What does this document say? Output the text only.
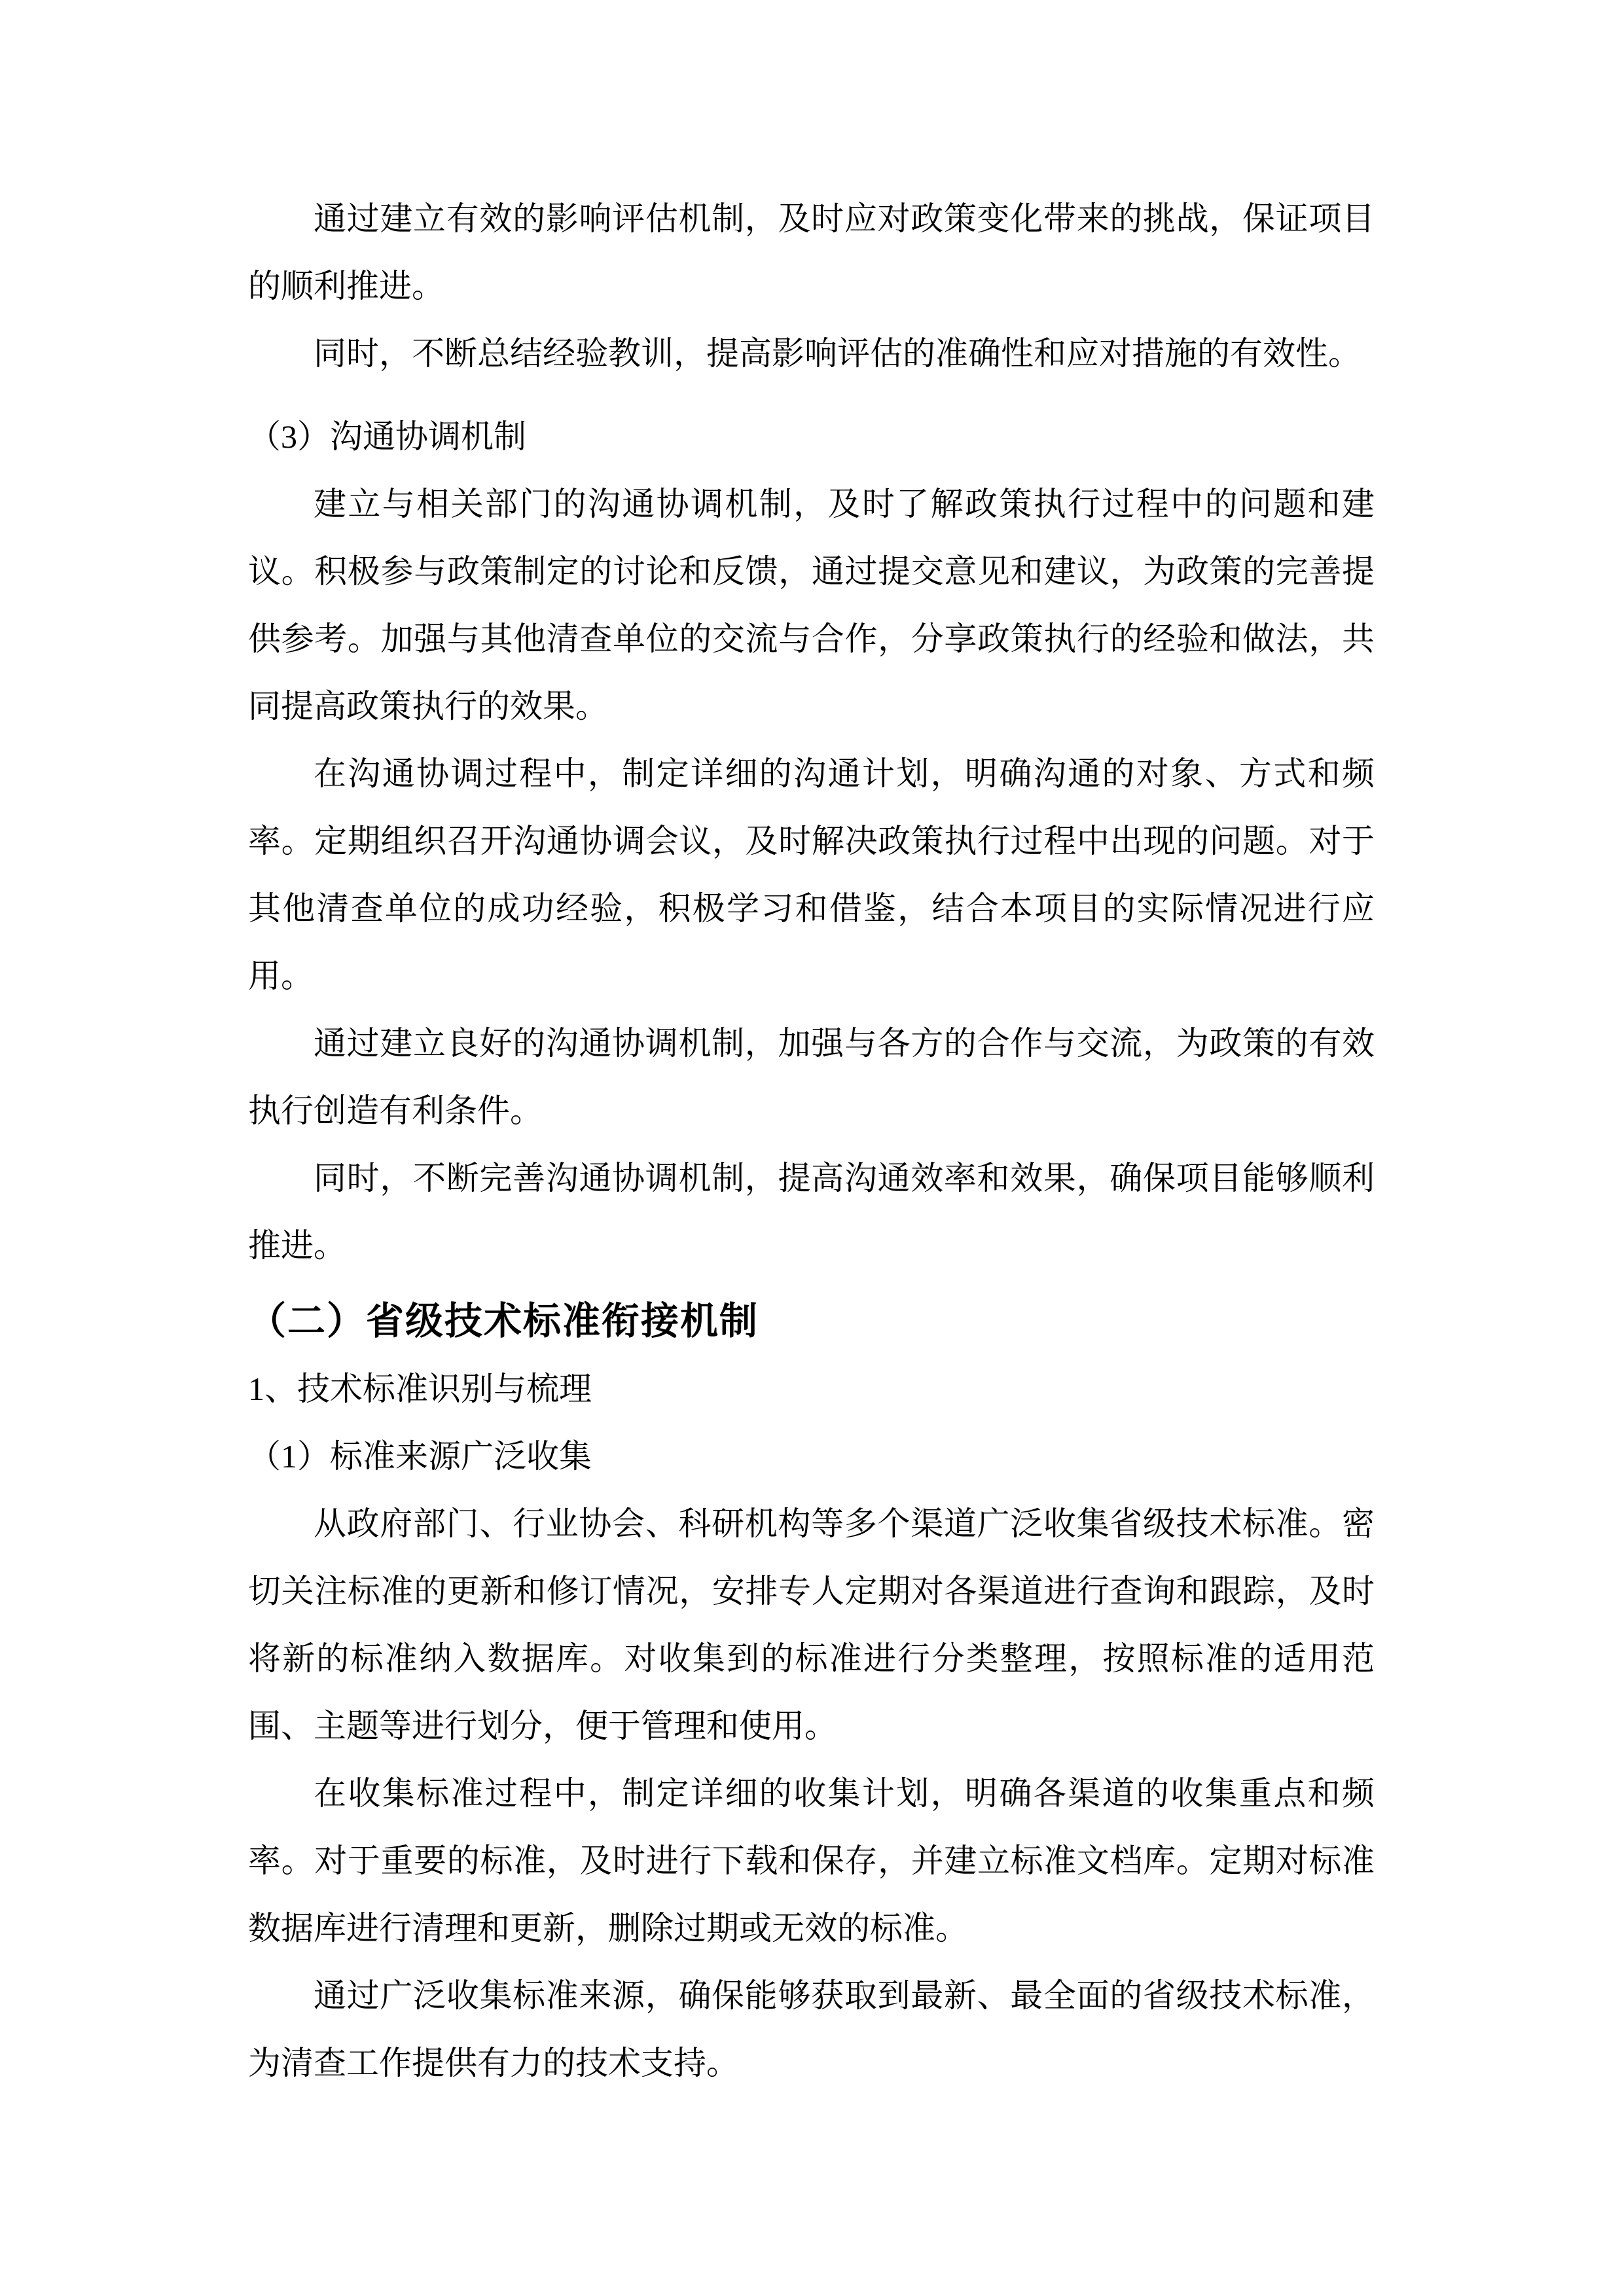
通过建立有效的影响评估机制，及时应对政策变化带来的挑战，保证项目的顺利推进。

同时，不断总结经验教训，提高影响评估的准确性和应对措施的有效性。

（3）沟通协调机制

建立与相关部门的沟通协调机制，及时了解政策执行过程中的问题和建议。积极参与政策制定的讨论和反馈，通过提交意见和建议，为政策的完善提供参考。加强与其他清查单位的交流与合作，分享政策执行的经验和做法，共同提高政策执行的效果。

在沟通协调过程中，制定详细的沟通计划，明确沟通的对象、方式和频率。定期组织召开沟通协调会议，及时解决政策执行过程中出现的问题。对于其他清查单位的成功经验，积极学习和借鉴，结合本项目的实际情况进行应用。

通过建立良好的沟通协调机制，加强与各方的合作与交流，为政策的有效执行创造有利条件。

同时，不断完善沟通协调机制，提高沟通效率和效果，确保项目能够顺利推进。

（二）省级技术标准衔接机制

1、技术标准识别与梳理

（1）标准来源广泛收集

从政府部门、行业协会、科研机构等多个渠道广泛收集省级技术标准。密切关注标准的更新和修订情况，安排专人定期对各渠道进行查询和跟踪，及时将新的标准纳入数据库。对收集到的标准进行分类整理，按照标准的适用范围、主题等进行划分，便于管理和使用。

在收集标准过程中，制定详细的收集计划，明确各渠道的收集重点和频率。对于重要的标准，及时进行下载和保存，并建立标准文档库。定期对标准数据库进行清理和更新，删除过期或无效的标准。

通过广泛收集标准来源，确保能够获取到最新、最全面的省级技术标准，为清查工作提供有力的技术支持。
